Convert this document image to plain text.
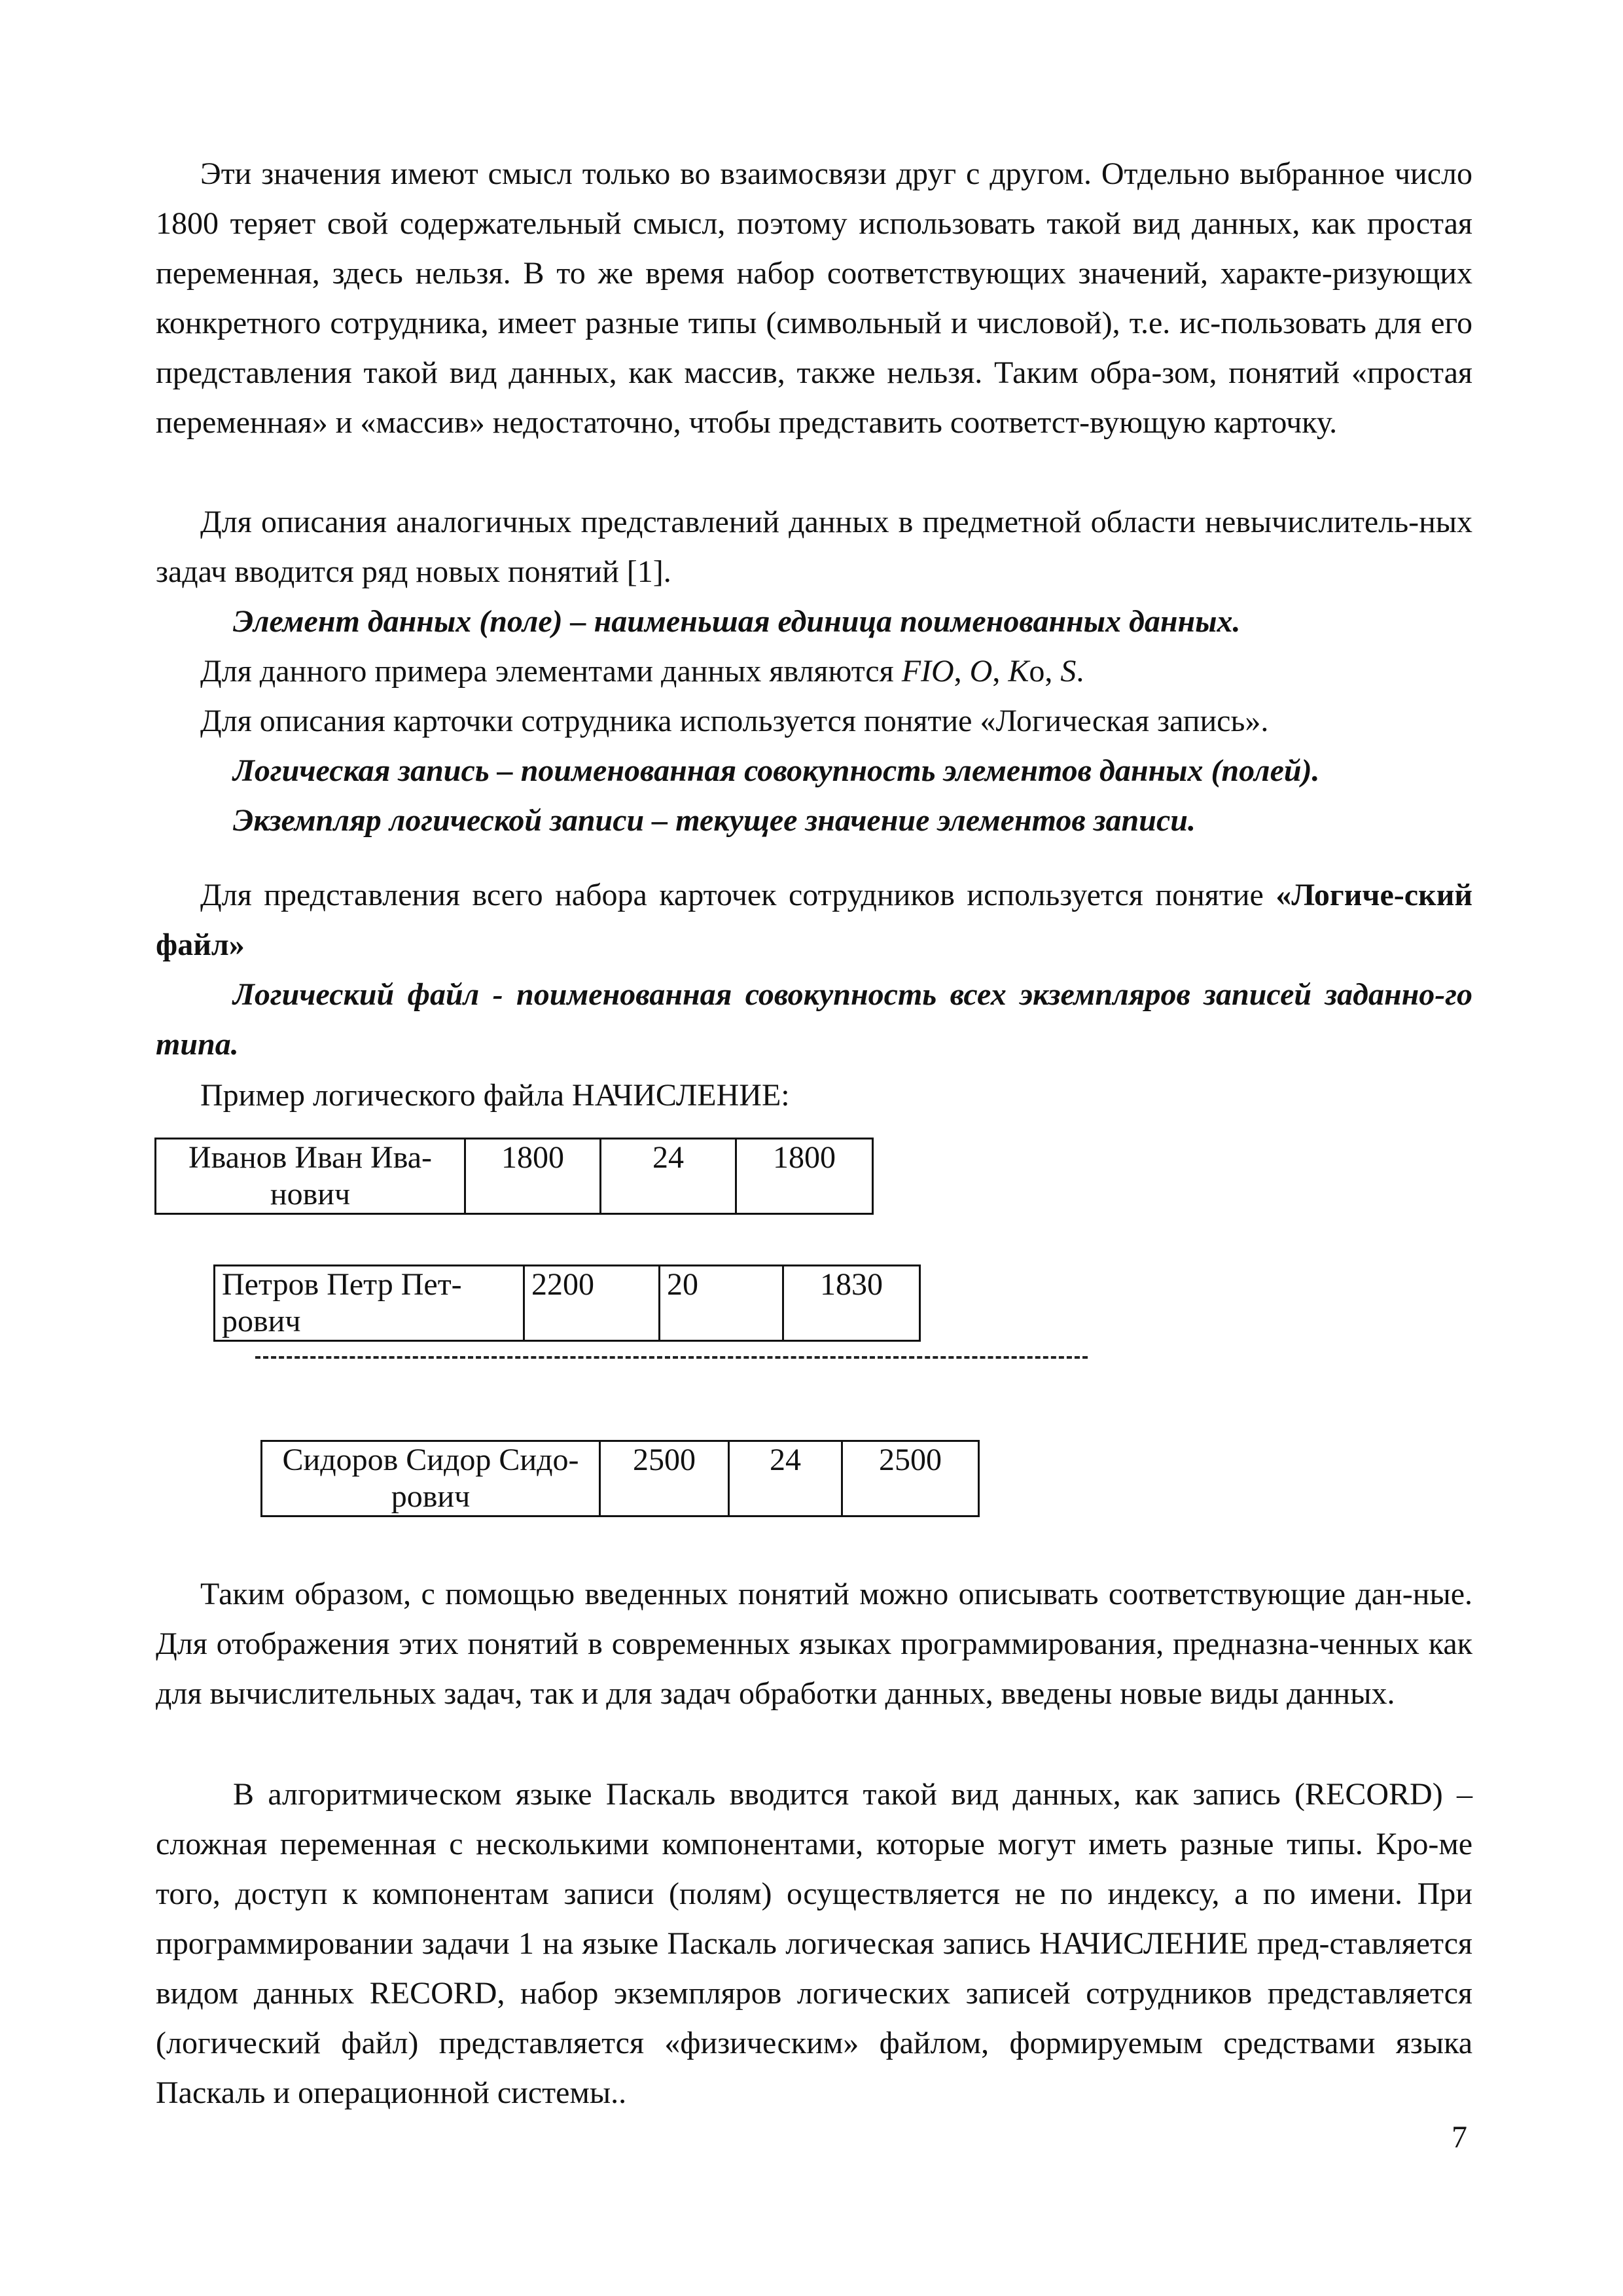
Эти значения имеют смысл только во взаимосвязи друг с другом. Отдельно выбранное число 1800 теряет свой содержательный смысл, поэтому использовать такой вид данных, как простая переменная, здесь нельзя. В то же время набор соответствующих значений, характе-ризующих конкретного сотрудника, имеет разные типы (символьный и числовой), т.е. ис-пользовать для его представления такой вид данных, как массив, также нельзя. Таким обра-зом, понятий «простая переменная» и «массив» недостаточно, чтобы представить соответст-вующую карточку.

Для описания аналогичных представлений данных в предметной области невычислитель-ных задач вводится ряд новых понятий [1].

Элемент данных (поле) – наименьшая единица поименованных данных.

Для данного примера элементами данных являются FIO, O, Kо, S.

Для описания карточки сотрудника используется понятие «Логическая запись».

Логическая запись – поименованная совокупность элементов данных (полей).

Экземпляр логической записи – текущее значение элементов записи.

Для представления всего набора карточек сотрудников используется понятие «Логиче-ский файл»

Логический файл - поименованная совокупность всех экземпляров записей заданно-го типа.

Пример логического файла НАЧИСЛЕНИЕ:

Иванов Иван Ива-
нович
	1800	24	1800
Петров Петр Пет-
рович
	2200	20	1830
Сидоров Сидор Сидо-
рович
	2500	24	2500

Таким образом, с помощью введенных понятий можно описывать соответствующие дан-ные. Для отображения этих понятий в современных языках программирования, предназна-ченных как для вычислительных задач, так и для задач обработки данных, введены новые виды данных.

В алгоритмическом языке Паскаль вводится такой вид данных, как запись (RECORD) – сложная переменная с несколькими компонентами, которые могут иметь разные типы. Кро-ме того, доступ к компонентам записи (полям) осуществляется не по индексу, а по имени. При программировании задачи 1 на языке Паскаль логическая запись НАЧИСЛЕНИЕ пред-ставляется видом данных RECORD, набор экземпляров логических записей сотрудников представляется (логический файл) представляется «физическим» файлом, формируемым средствами языка Паскаль и операционной системы..

7
